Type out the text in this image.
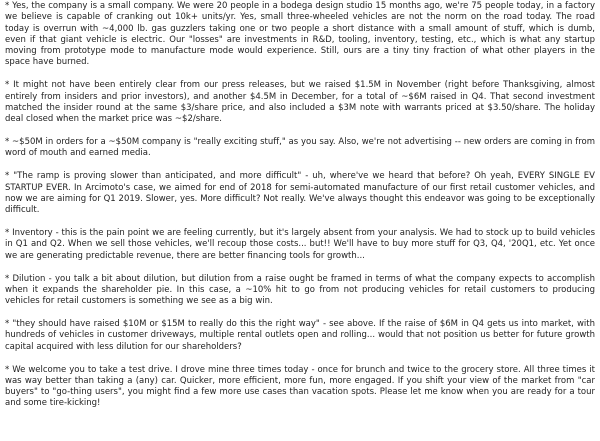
* Yes, the company is a small company. We were 20 people in a bodega design studio 15 months ago, we're 75 people today, in a factory we believe is capable of cranking out 10k+ units/yr. Yes, small three-wheeled vehicles are not the norm on the road today. The road today is overrun with ~4,000 lb. gas guzzlers taking one or two people a short distance with a small amount of stuff, which is dumb, even if that giant vehicle is electric. Our "losses" are investments in R&D, tooling, inventory, testing, etc., which is what any startup moving from prototype mode to manufacture mode would experience. Still, ours are a tiny tiny fraction of what other players in the space have burned.

* It might not have been entirely clear from our press releases, but we raised $1.5M in November (right before Thanksgiving, almost entirely from insiders and prior investors), and another $4.5M in December, for a total of ~$6M raised in Q4. That second investment matched the insider round at the same $3/share price, and also included a $3M note with warrants priced at $3.50/share. The holiday deal closed when the market price was ~$2/share.

* ~$50M in orders for a ~$50M company is "really exciting stuff," as you say. Also, we're not advertising -- new orders are coming in from word of mouth and earned media.

* "The ramp is proving slower than anticipated, and more difficult" - uh, where've we heard that before? Oh yeah, EVERY SINGLE EV STARTUP EVER. In Arcimoto's case, we aimed for end of 2018 for semi-automated manufacture of our first retail customer vehicles, and now we are aiming for Q1 2019. Slower, yes. More difficult? Not really. We've always thought this endeavor was going to be exceptionally difficult.

* Inventory - this is the pain point we are feeling currently, but it's largely absent from your analysis. We had to stock up to build vehicles in Q1 and Q2. When we sell those vehicles, we'll recoup those costs... but!! We'll have to buy more stuff for Q3, Q4, '20Q1, etc. Yet once we are generating predictable revenue, there are better financing tools for growth...

* Dilution - you talk a bit about dilution, but dilution from a raise ought be framed in terms of what the company expects to accomplish when it expands the shareholder pie. In this case, a ~10% hit to go from not producing vehicles for retail customers to producing vehicles for retail customers is something we see as a big win.

* "they should have raised $10M or $15M to really do this the right way" - see above. If the raise of $6M in Q4 gets us into market, with hundreds of vehicles in customer driveways, multiple rental outlets open and rolling... would that not position us better for future growth capital acquired with less dilution for our shareholders?

* We welcome you to take a test drive. I drove mine three times today - once for brunch and twice to the grocery store. All three times it was way better than taking a (any) car. Quicker, more efficient, more fun, more engaged. If you shift your view of the market from "car buyers" to "go-thing users", you might find a few more use cases than vacation spots. Please let me know when you are ready for a tour and some tire-kicking!
